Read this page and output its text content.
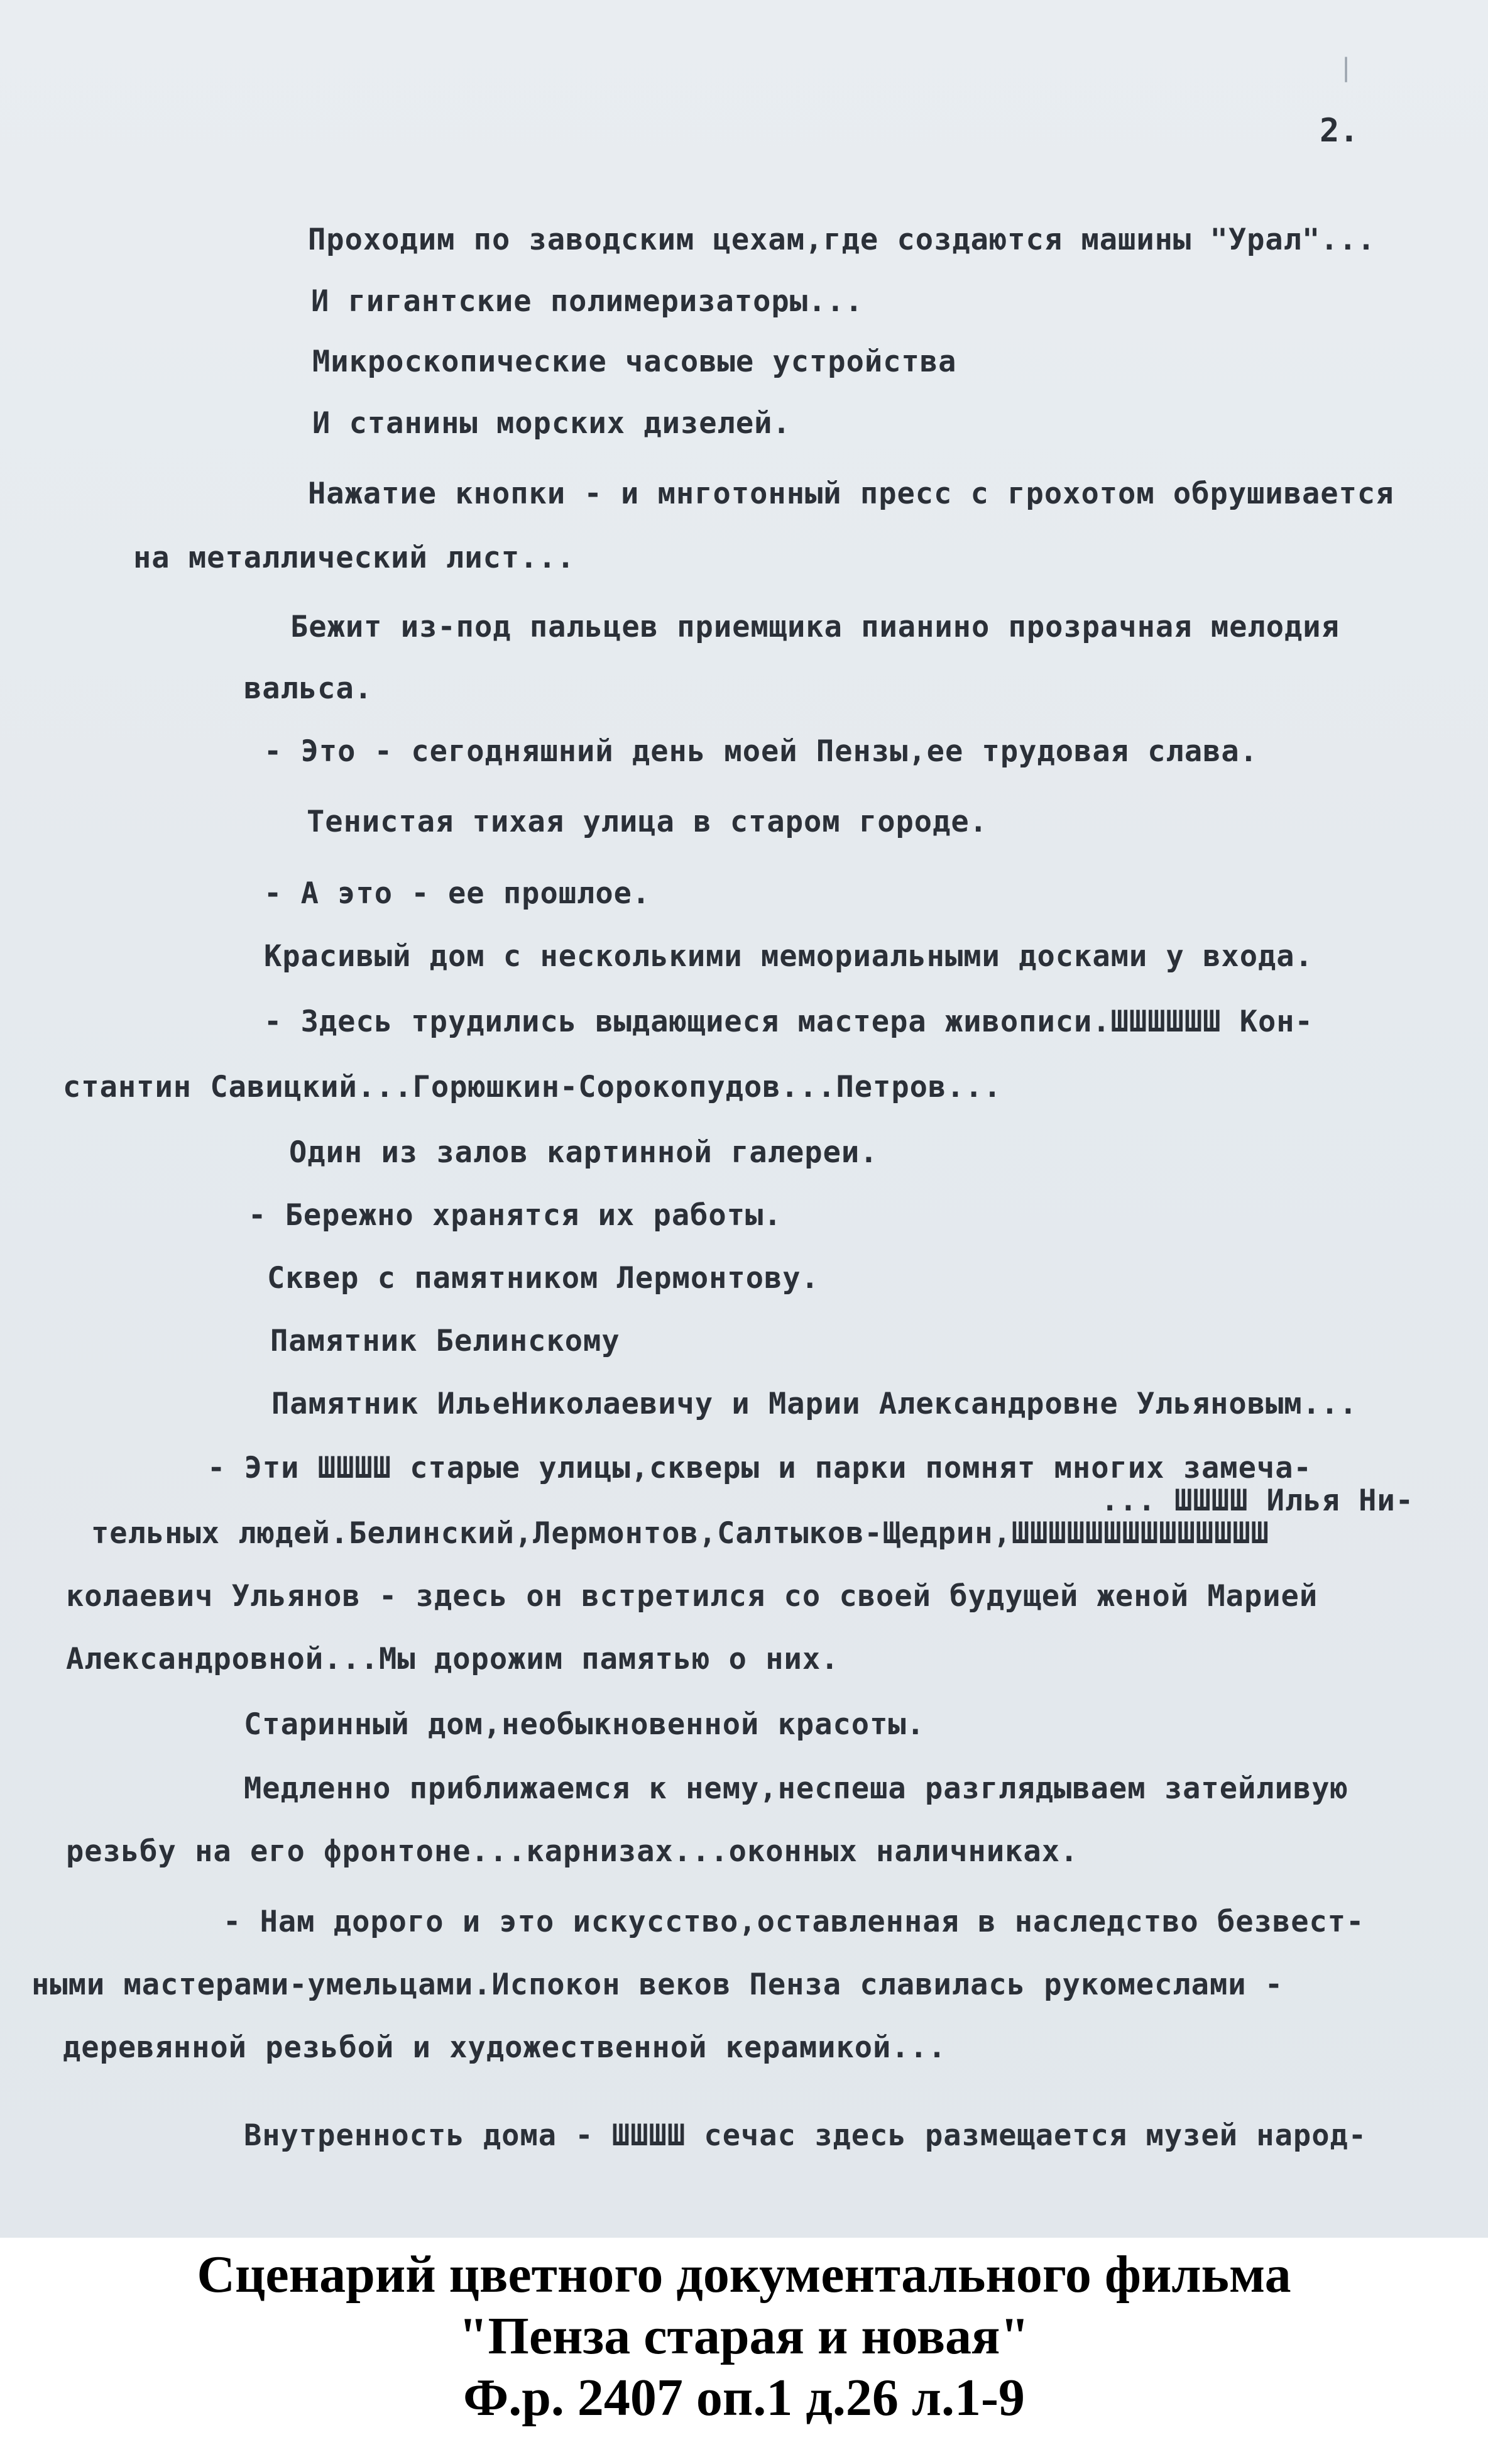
|
2.
Проходим по заводским цехам,где создаются машины "Урал"...
И гигантские полимеризаторы...
Микроскопические часовые устройства
И станины морских дизелей.
Нажатие кнопки - и мнготонный пресс с грохотом обрушивается
на металлический лист...
Бежит из-под пальцев приемщика пианино прозрачная мелодия
вальса.
- Это - сегодняшний день моей Пензы,ее трудовая слава.
Тенистая тихая улица в старом городе.
- А это - ее прошлое.
Красивый дом с несколькими мемориальными досками у входа.
- Здесь трудились выдающиеся мастера живописи.ШШШШШШ Кон-
стантин Савицкий...Горюшкин-Сорокопудов...Петров...
Один из залов картинной галереи.
- Бережно хранятся их работы.
Сквер с памятником Лермонтову.
Памятник Белинскому
Памятник ИльеНиколаевичу и Марии Александровне Ульяновым...
- Эти ШШШШ старые улицы,скверы и парки помнят многих замеча-
... ШШШШ Илья Ни-
тельных людей.Белинский,Лермонтов,Салтыков-Щедрин,ШШШШШШШШШШШШШШ
колаевич Ульянов - здесь он встретился со своей будущей женой Марией
Александровной...Мы дорожим памятью о них.
Старинный дом,необыкновенной красоты.
Медленно приближаемся к нему,неспеша разглядываем затейливую
резьбу на его фронтоне...карнизах...оконных наличниках.
- Нам дорого и это искусство,оставленная в наследство безвест-
ными мастерами-умельцами.Испокон веков Пенза славилась рукомеслами -
деревянной резьбой и художественной керамикой...
Внутренность дома - ШШШШ сечас здесь размещается музей народ-
Сценарий цветного документального фильма
"Пенза старая и новая"
Ф.р. 2407 оп.1 д.26 л.1-9
